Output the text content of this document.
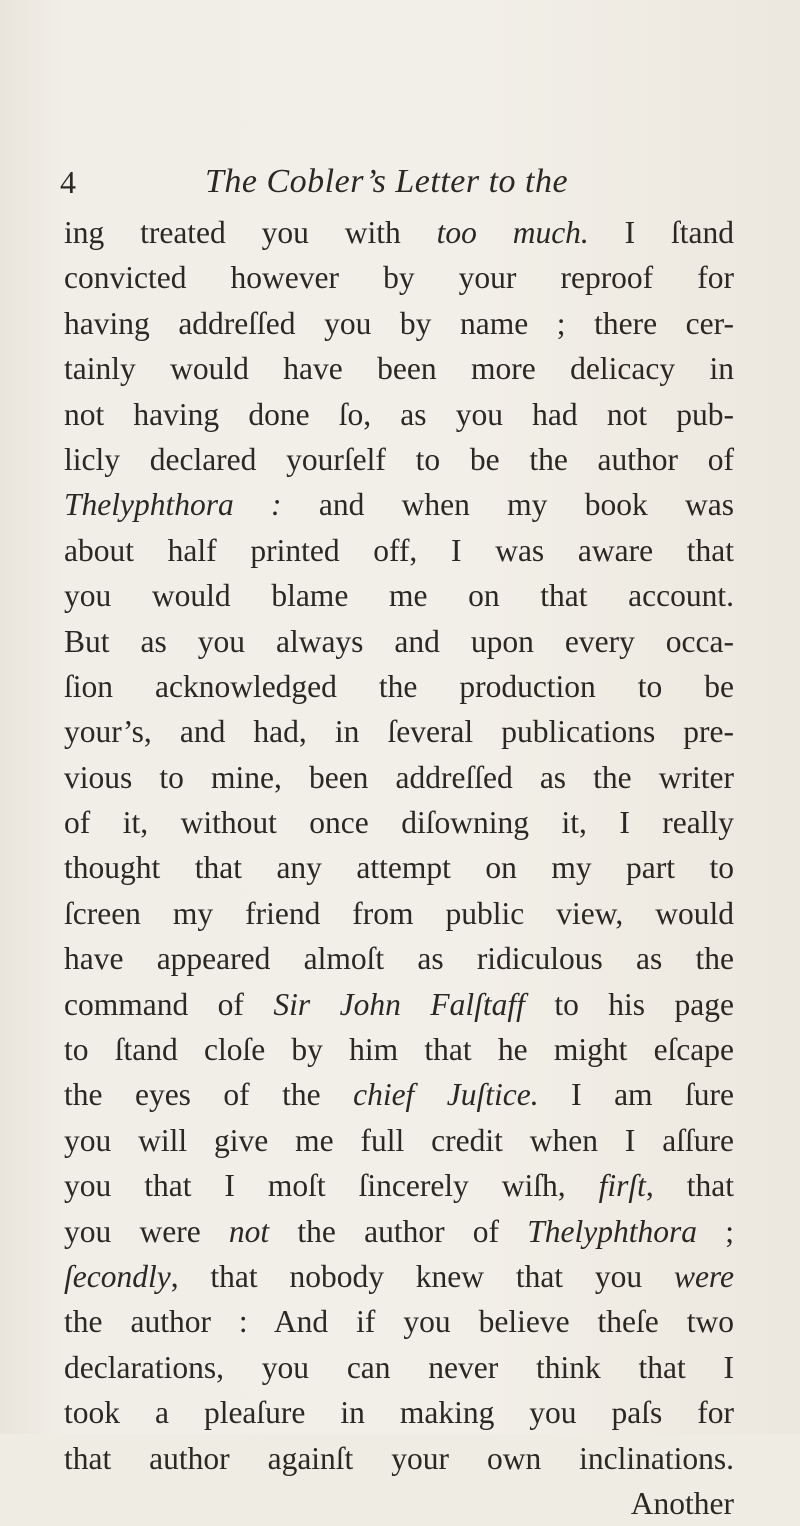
4	The Cobler’s Letter to the
ing treated you with too much. I ſtand
convicted however by your reproof for
having addreſſed you by name ; there cer-
tainly would have been more delicacy in
not having done ſo, as you had not pub-
licly declared yourſelf to be the author of
Thelyphthora : and when my book was
about half printed off, I was aware that
you would blame me on that account.
But as you always and upon every occa-
ſion acknowledged the production to be
your’s, and had, in ſeveral publications pre-
vious to mine, been addreſſed as the writer
of it, without once diſowning it, I really
thought that any attempt on my part to
ſcreen my friend from public view, would
have appeared almoſt as ridiculous as the
command of Sir John Falſtaff to his page
to ſtand cloſe by him that he might eſcape
the eyes of the chief Juſtice. I am ſure
you will give me full credit when I aſſure
you that I moſt ſincerely wiſh, firſt, that
you were not the author of Thelyphthora ;
ſecondly, that nobody knew that you were
the author : And if you believe theſe two
declarations, you can never think that I
took a pleaſure in making you paſs for
that author againſt your own inclinations.
Another
